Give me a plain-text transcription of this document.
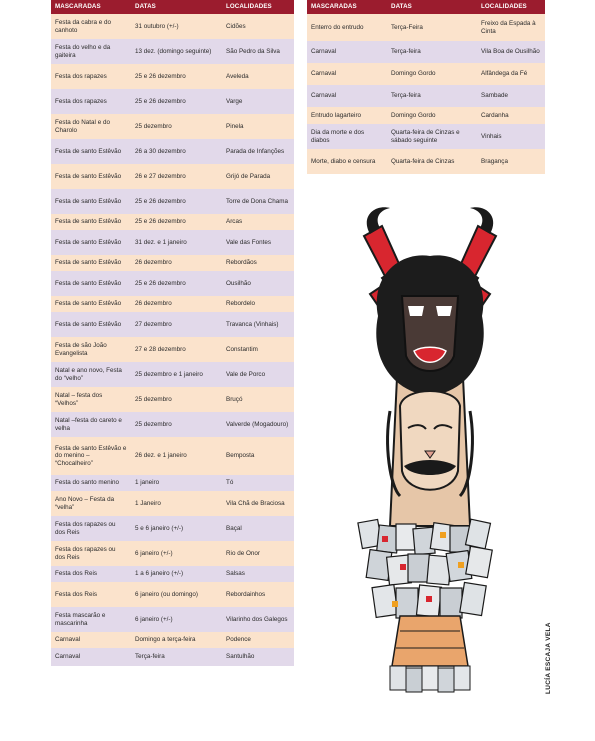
MASCARADAS	DATAS	LOCALIDADES
Festa da cabra e do canhoto	31 outubro (+/-)	Cidões
Festa do velho e da gaiteira	13 dez. (domingo seguinte)	São Pedro da Silva
Festa dos rapazes	25 e 26 dezembro	Aveleda
Festa dos rapazes	25 e 26 dezembro	Varge
Festa do Natal e do Charolo	25 dezembro	Pinela
Festa de santo Estêvão	26 a 30 dezembro	Parada de Infanções
Festa de santo Estêvão	26 e 27 dezembro	Grijó de Parada
Festa de santo Estêvão	25 e 26 dezembro	Torre de Dona Chama
Festa de santo Estêvão	25 e 26 dezembro	Arcas
Festa de santo Estêvão	31 dez. e 1 janeiro	Vale das Fontes
Festa de santo Estêvão	26 dezembro	Rebordãos
Festa de santo Estêvão	25 e 26 dezembro	Ousilhão
Festa de santo Estêvão	26 dezembro	Rebordelo
Festa de santo Estêvão	27 dezembro	Travanca (Vinhais)
Festa de são João Evangelista	27 e 28 dezembro	Constantim
Natal e ano novo, Festa do “velho”	25 dezembro e 1 janeiro	Vale de Porco
Natal – festa dos “Velhos”	25 dezembro	Bruçó
Natal –festa do careto e velha	25 dezembro	Valverde (Mogadouro)
Festa de santo Estêvão e do menino – “Chocalheiro”	26 dez. e 1 janeiro	Bemposta
Festa do santo menino	1 janeiro	Tó
Ano Novo – Festa da “velha”	1 Janeiro	Vila Chã de Braciosa
Festa dos rapazes ou dos Reis	5 e 6 janeiro (+/-)	Baçal
Festa dos rapazes ou dos Reis	6 janeiro (+/-)	Rio de Onor
Festa dos Reis	1 a 6 janeiro (+/-)	Salsas
Festa dos Reis	6 janeiro (ou domingo)	Rebordainhos
Festa mascarão e mascarinha	6 janeiro (+/-)	Vilarinho dos Galegos
Carnaval	Domingo a terça-feira	Podence
Carnaval	Terça-feira	Santulhão
MASCARADAS	DATAS	LOCALIDADES
Enterro do entrudo	Terça-Feira	Freixo da Espada à Cinta
Carnaval	Terça-feira	Vila Boa de Ousilhão
Carnaval	Domingo Gordo	Alfândega da Fé
Carnaval	Terça-feira	Sambade
Entrudo lagarteiro	Domingo Gordo	Cardanha
Dia da morte e dos diabos	Quarta-feira de Cinzas e sábado seguinte	Vinhais
Morte, diabo e censura	Quarta-feira de Cinzas	Bragança
LUCÍA ESCAJA VELA
